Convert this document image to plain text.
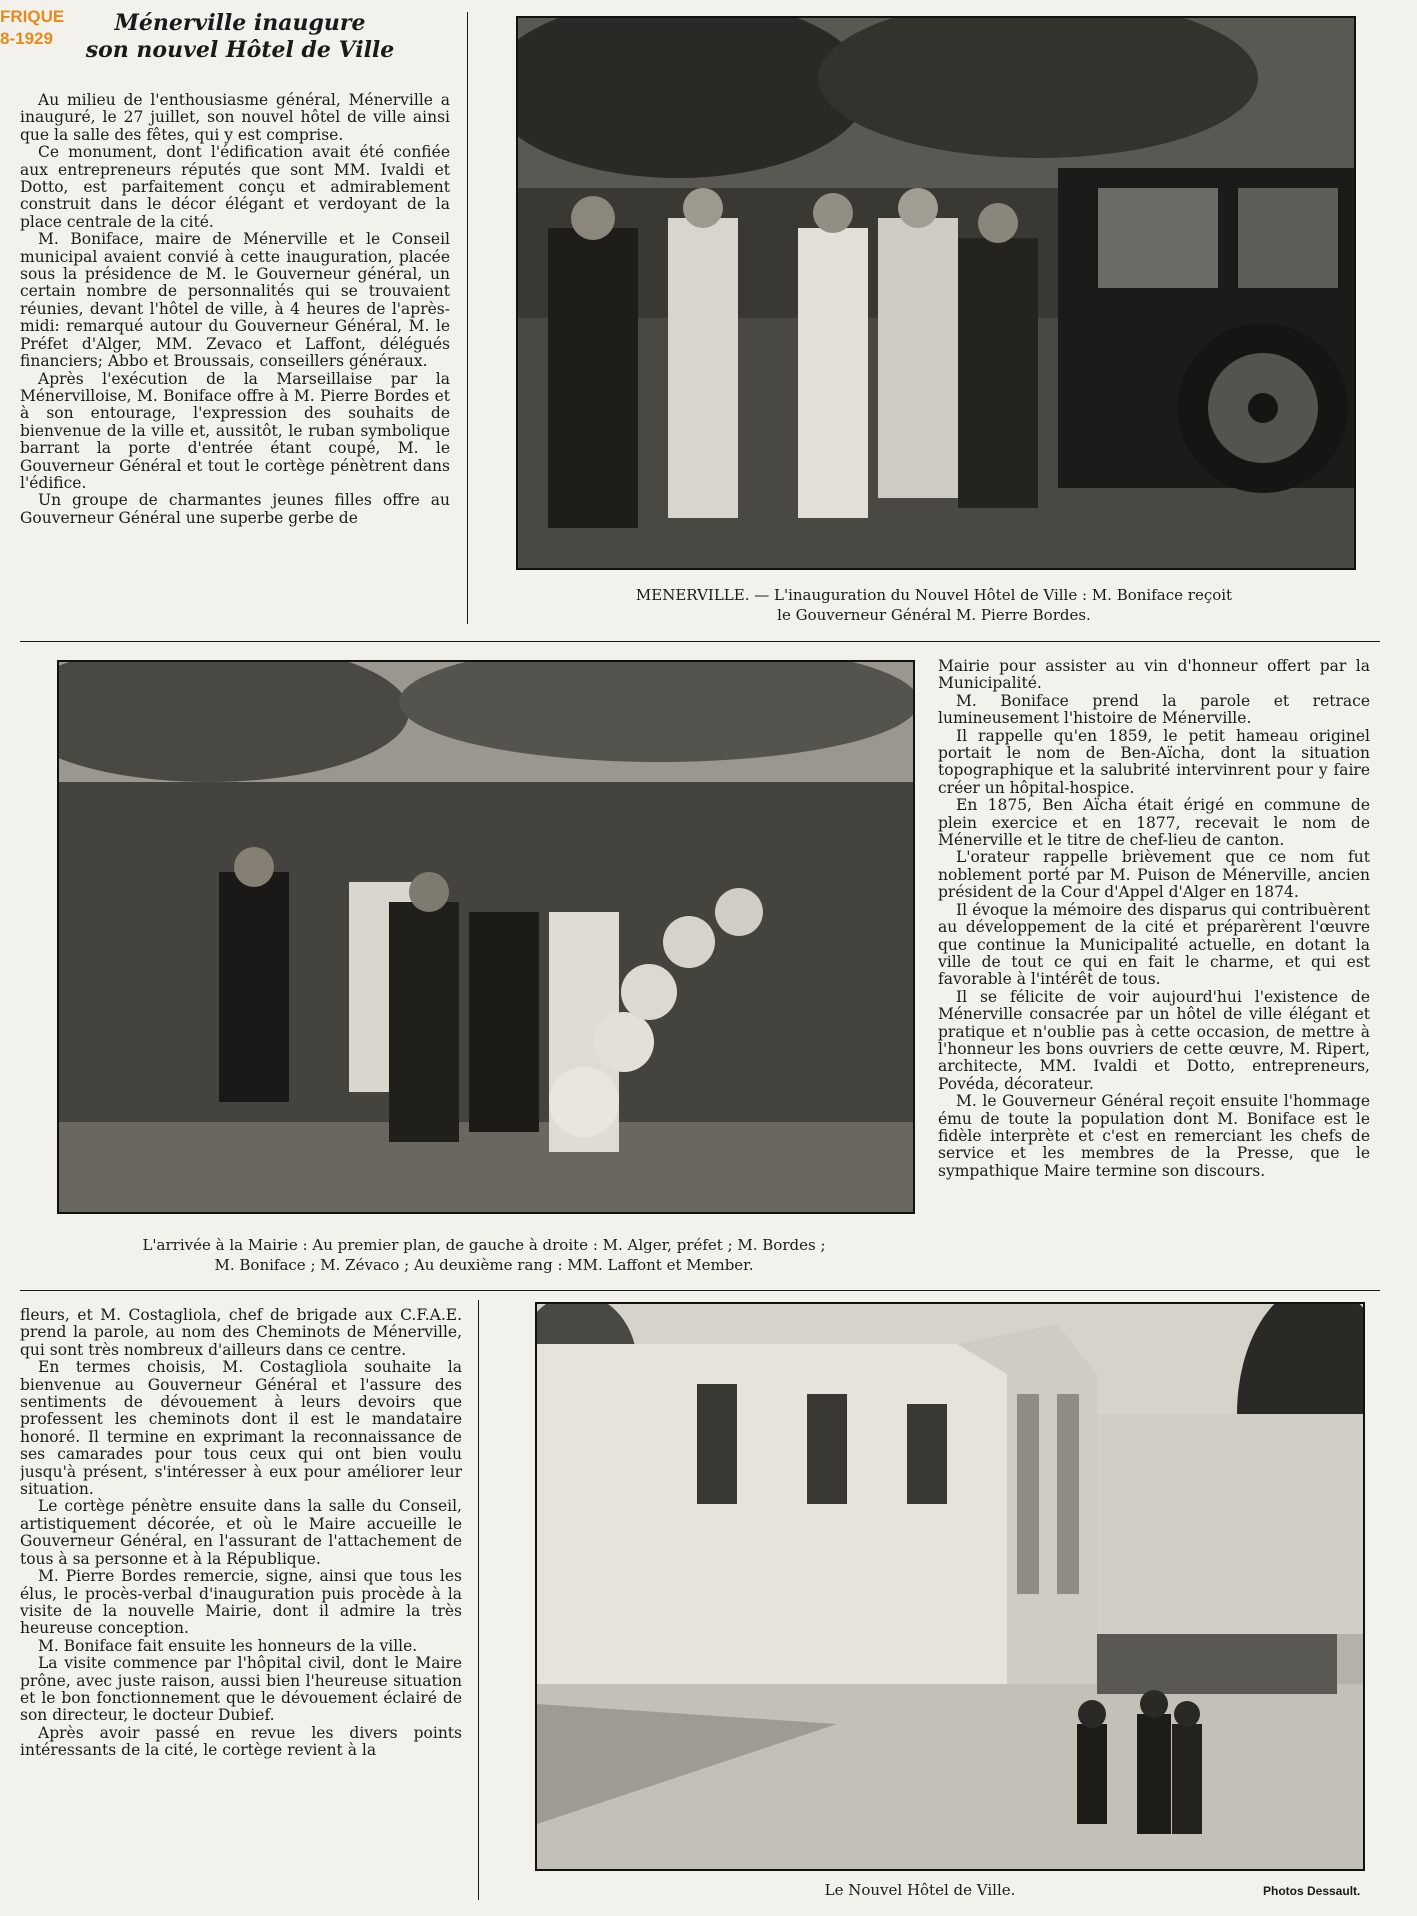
FRIQUE
8-1929
Ménerville inaugure
son nouvel Hôtel de Ville

Au milieu de l'enthousiasme général, Ménerville a inauguré, le 27 juillet, son nouvel hôtel de ville ainsi que la salle des fêtes, qui y est comprise.

Ce monument, dont l'édification avait été confiée aux entrepreneurs réputés que sont MM. Ivaldi et Dotto, est parfaitement conçu et admirablement construit dans le décor élégant et verdoyant de la place centrale de la cité.

M. Boniface, maire de Ménerville et le Conseil municipal avaient convié à cette inauguration, placée sous la présidence de M. le Gouverneur général, un certain nombre de personnalités qui se trouvaient réunies, devant l'hôtel de ville, à 4 heures de l'après-midi: remarqué autour du Gouverneur Général, M. le Préfet d'Alger, MM. Zevaco et Laffont, délégués financiers; Abbo et Broussais, conseillers généraux.

Après l'exécution de la Marseillaise par la Ménervilloise, M. Boniface offre à M. Pierre Bordes et à son entourage, l'expression des souhaits de bienvenue de la ville et, aussitôt, le ruban symbolique barrant la porte d'entrée étant coupé, M. le Gouverneur Général et tout le cortège pénètrent dans l'édifice.

Un groupe de charmantes jeunes filles offre au Gouverneur Général une superbe gerbe de

MENERVILLE. — L'inauguration du Nouvel Hôtel de Ville : M. Boniface reçoit
le Gouverneur Général M. Pierre Bordes.
L'arrivée à la Mairie : Au premier plan, de gauche à droite : M. Alger, préfet ; M. Bordes ;
M. Boniface ; M. Zévaco ; Au deuxième rang : MM. Laffont et Member.

Mairie pour assister au vin d'honneur offert par la Municipalité.

M. Boniface prend la parole et retrace lumineusement l'histoire de Ménerville.

Il rappelle qu'en 1859, le petit hameau originel portait le nom de Ben-Aïcha, dont la situation topographique et la salubrité intervinrent pour y faire créer un hôpital-hospice.

En 1875, Ben Aïcha était érigé en commune de plein exercice et en 1877, recevait le nom de Ménerville et le titre de chef-lieu de canton.

L'orateur rappelle brièvement que ce nom fut noblement porté par M. Puison de Ménerville, ancien président de la Cour d'Appel d'Alger en 1874.

Il évoque la mémoire des disparus qui contribuèrent au développement de la cité et préparèrent l'œuvre que continue la Municipalité actuelle, en dotant la ville de tout ce qui en fait le charme, et qui est favorable à l'intérêt de tous.

Il se félicite de voir aujourd'hui l'existence de Ménerville consacrée par un hôtel de ville élégant et pratique et n'oublie pas à cette occasion, de mettre à l'honneur les bons ouvriers de cette œuvre, M. Ripert, architecte, MM. Ivaldi et Dotto, entrepreneurs, Povéda, décorateur.

M. le Gouverneur Général reçoit ensuite l'hommage ému de toute la population dont M. Boniface est le fidèle interprète et c'est en remerciant les chefs de service et les membres de la Presse, que le sympathique Maire termine son discours.

fleurs, et M. Costagliola, chef de brigade aux C.F.A.E. prend la parole, au nom des Cheminots de Ménerville, qui sont très nombreux d'ailleurs dans ce centre.

En termes choisis, M. Costagliola souhaite la bienvenue au Gouverneur Général et l'assure des sentiments de dévouement à leurs devoirs que professent les cheminots dont il est le mandataire honoré. Il termine en exprimant la reconnaissance de ses camarades pour tous ceux qui ont bien voulu jusqu'à présent, s'intéresser à eux pour améliorer leur situation.

Le cortège pénètre ensuite dans la salle du Conseil, artistiquement décorée, et où le Maire accueille le Gouverneur Général, en l'assurant de l'attachement de tous à sa personne et à la République.

M. Pierre Bordes remercie, signe, ainsi que tous les élus, le procès-verbal d'inauguration puis procède à la visite de la nouvelle Mairie, dont il admire la très heureuse conception.

M. Boniface fait ensuite les honneurs de la ville.

La visite commence par l'hôpital civil, dont le Maire prône, avec juste raison, aussi bien l'heureuse situation et le bon fonctionnement que le dévouement éclairé de son directeur, le docteur Dubief.

Après avoir passé en revue les divers points intéressants de la cité, le cortège revient à la

Le Nouvel Hôtel de Ville.	Photos Dessault.
